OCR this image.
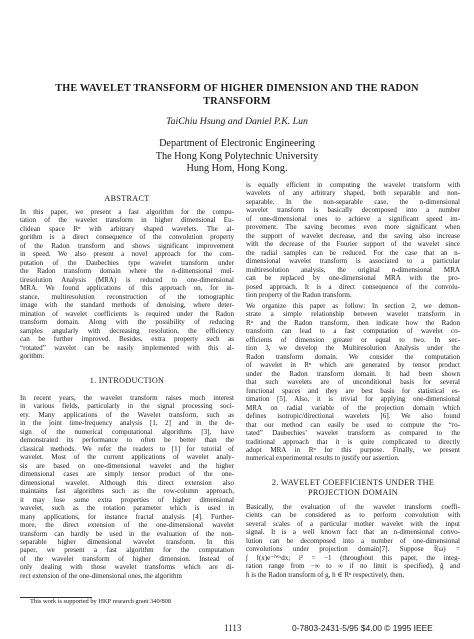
THE WAVELET TRANSFORM OF HIGHER DIMENSION AND THE RADON
TRANSFORM
TaiChiu Hsung and Daniel P.K. Lun
Department of Electronic Engineering
The Hong Kong Polytechnic University
Hung Hom, Hong Kong.
ABSTRACT
In this paper, we present a fast algorithm for the compu-
tation of the wavelet transform in higher dimensional Eu-
clidean space Rⁿ with arbitrary shaped wavelets. The al-
gorithm is a direct consequence of the convolution property
of the Radon transform and shows significant improvement
in speed. We also present a novel approach for the com-
putation of the Daubechies type wavelet transform under
the Radon transform domain where the n-dimensional mul-
tiresolution Analysis (MRA) is reduced to one-dimensional
MRA. We found applications of this approach on, for in-
stance, multiresolution reconstruction of the tomographic
image with the standard methods of denoising, where deter-
mination of wavelet coefficients is required under the Radon
transform domain. Along with the possibility of reducing
samples angularly with decreasing resolution, the efficiency
can be further improved. Besides, extra property such as
“rotated” wavelet can be easily implemented with this al-
gorithm.
1. INTRODUCTION
In recent years, the wavelet transform raises much interest
in various fields, particularly in the signal processing soci-
ety. Many applications of the Wavelet transform, such as
in the joint time-frequency analysis [1, 2] and in the de-
sign of the numerical computational algorithms [3], have
demonstrated its performance to often be better than the
classical methods. We refer the readers to [1] for tutorial of
wavelet. Most of the current applications of wavelet analy-
sis are based on one-dimensional wavelet and the higher
dimensional cases are simply tensor product of the one-
dimensional wavelet. Although this direct extension also
maintains fast algorithms such as the row-column approach,
it may lose some extra properties of higher dimensional
wavelet, such as the rotation parameter which is used in
many applications, for instance fractal analysis [4]. Further-
more, the direct extension of the one-dimensional wavelet
transform can hardly be used in the evaluation of the non-
separable higher dimensional wavelet transform. In this
paper, we present a fast algorithm for the computation
of the wavelet transform of higher dimension. Instead of
only dealing with those wavelet transforms which are di-
rect extension of the one-dimensional ones, the algorithm
is equally efficient in computing the wavelet transform with
wavelets of any arbitrary shaped, both separable and non-
separable. In the non-separable case, the n-dimensional
wavelet transform is basically decomposed into a number
of one-dimensional ones to achieve a significant speed im-
provement. The saving becomes even more significant when
the support of wavelet decrease, and the saving also increase
with the decrease of the Fourier support of the wavelet since
the radial samples can be reduced. For the case that an n-
dimensional wavelet transform is associated to a particular
multiresolution analysis, the original n-dimensional MRA
can be replaced by one-dimensional MRA with the pro-
posed approach. It is a direct consequence of the convolu-
tion property of the Radon transform.
We organize this paper as follow: In section 2, we demon-
strate a simple relationship between wavelet transform in
Rⁿ and the Radon transform, then indicate how the Radon
transform can lead to a fast computation of wavelet co-
efficients of dimension greater or equal to two. In sec-
tion 3, we develop the Multiresolution Analysis under the
Radon transform domain. We consider the computation
of wavelet in Rⁿ which are generated by tensor product
under the Radon transform domain. It had been shown
that such wavelets are of unconditional basis for several
functional spaces and they are best basis for statistical es-
timation [5]. Also, it is trivial for applying one-dimensional
MRA on radial variable of the projection domain which
defines isotropic/directional wavelets [6]. We also found
that our method can easily be used to compute the “ro-
tated” Daubechies’ wavelet transform as compared to the
traditional approach that it is quite complicated to directly
adopt MRA in Rⁿ for this purpose. Finally, we present
numerical experimental results to justify our assertion.
2. WAVELET COEFFICIENTS UNDER THE
PROJECTION DOMAIN
Basically, the evaluation of the wavelet transform coeffi-
cients can be considered as to perform convolution with
several scales of a particular mother wavelet with the input
signal. It is a well known fact that an n-dimensional convo-
lution can be decomposed into a number of one-dimensional
convolutions under projection domain[7]. Suppose f̂(ω) =
∫ f(x)e⁻ⁱᵂˣdx; i² = −1 (throughout this paper, the integ-
ration range from −∞ to ∞ if no limit is specified), ĝ and
ĥ is the Radon transform of g, h ∈ Rⁿ respectively, then,
This work is supported by HKP research grant 340/808
1113	0-7803-2431-5/95 $4.00 © 1995 IEEE
